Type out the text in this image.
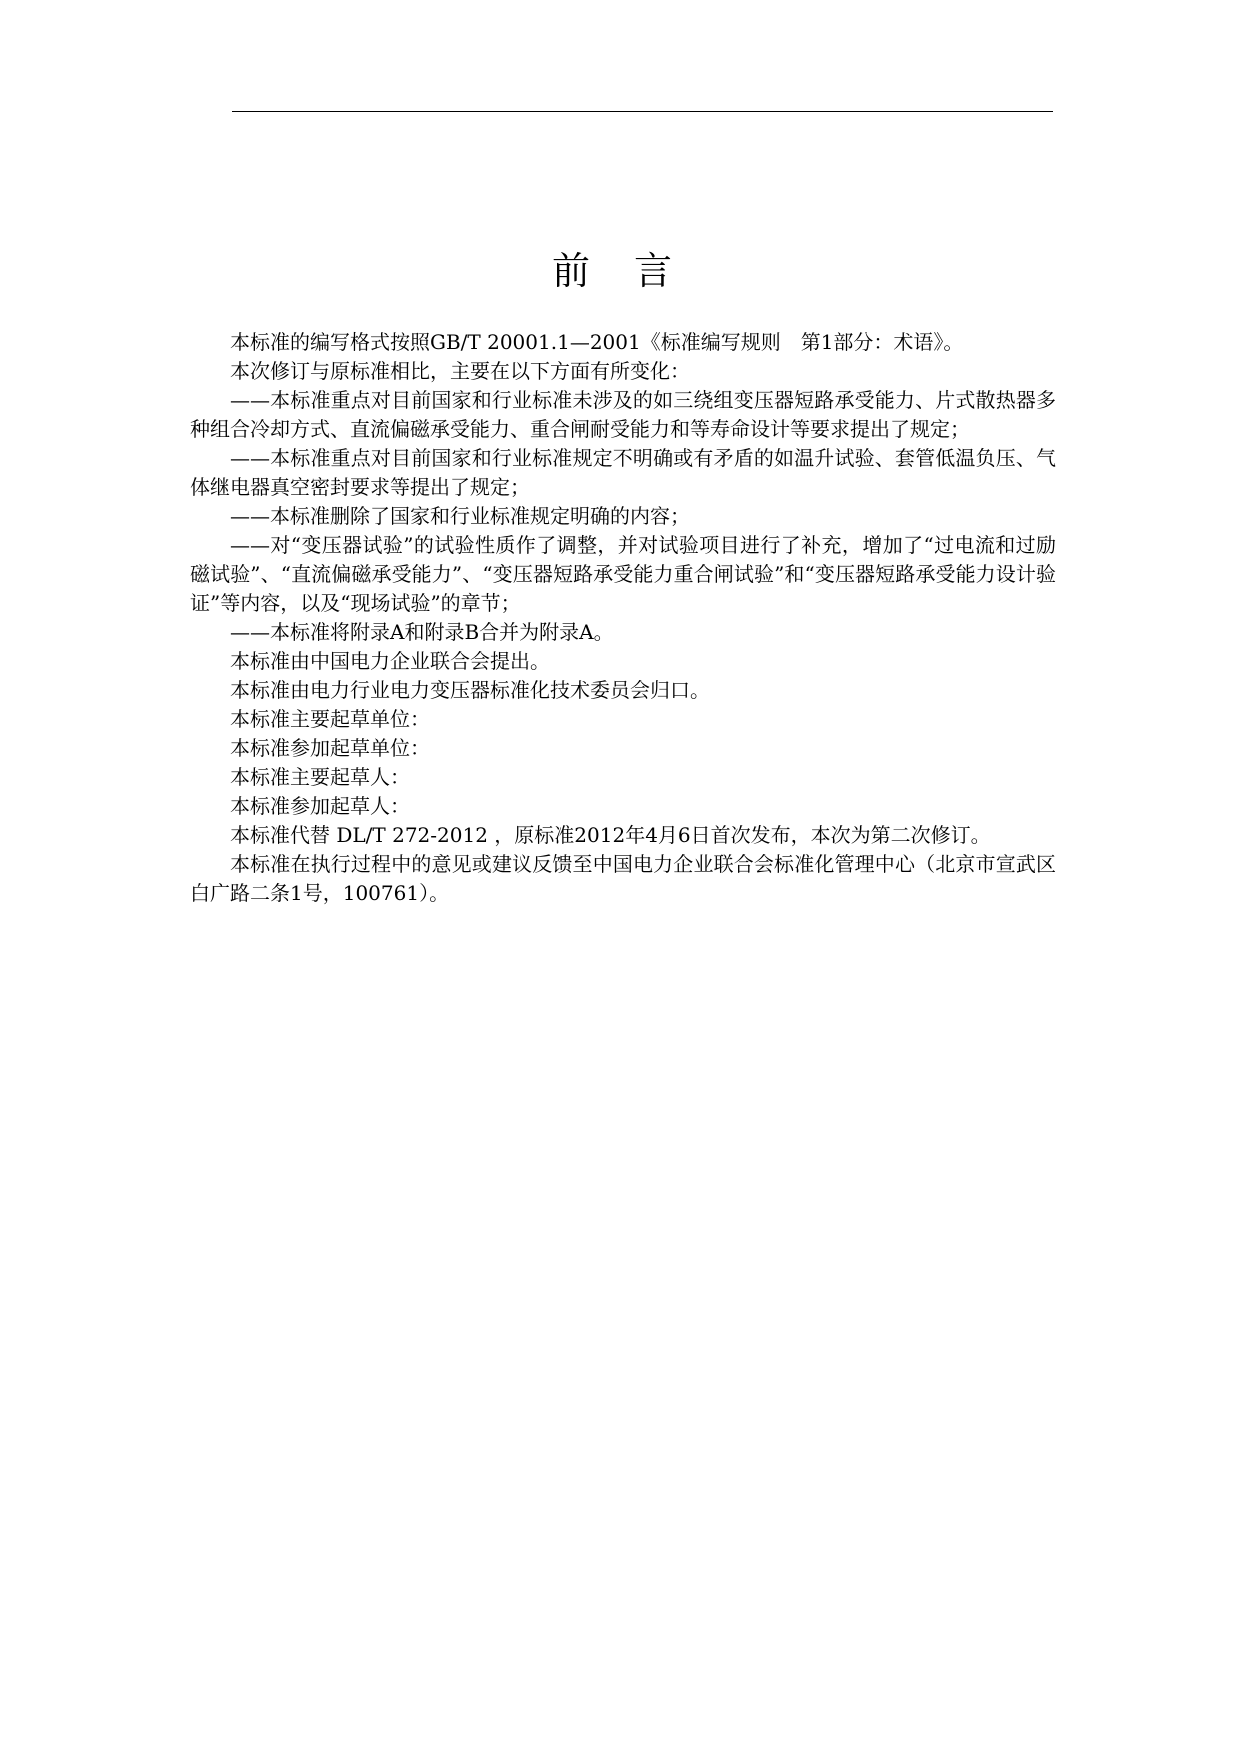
前 言

本标准的编写格式按照GB/T 20001.1—2001《标准编写规则　第1部分：术语》。

本次修订与原标准相比，主要在以下方面有所变化：

——本标准重点对目前国家和行业标准未涉及的如三绕组变压器短路承受能力、片式散热器多种组合冷却方式、直流偏磁承受能力、重合闸耐受能力和等寿命设计等要求提出了规定；

——本标准重点对目前国家和行业标准规定不明确或有矛盾的如温升试验、套管低温负压、气体继电器真空密封要求等提出了规定；

——本标准删除了国家和行业标准规定明确的内容；

——对“变压器试验”的试验性质作了调整，并对试验项目进行了补充，增加了“过电流和过励磁试验”、“直流偏磁承受能力”、“变压器短路承受能力重合闸试验”和“变压器短路承受能力设计验证”等内容，以及“现场试验”的章节；

——本标准将附录A和附录B合并为附录A。

本标准由中国电力企业联合会提出。

本标准由电力行业电力变压器标准化技术委员会归口。

本标准主要起草单位：

本标准参加起草单位：

本标准主要起草人：

本标准参加起草人：

本标准代替 DL/T 272-2012 ，原标准2012年4月6日首次发布，本次为第二次修订。

本标准在执行过程中的意见或建议反馈至中国电力企业联合会标准化管理中心（北京市宣武区白广路二条1号，100761）。
